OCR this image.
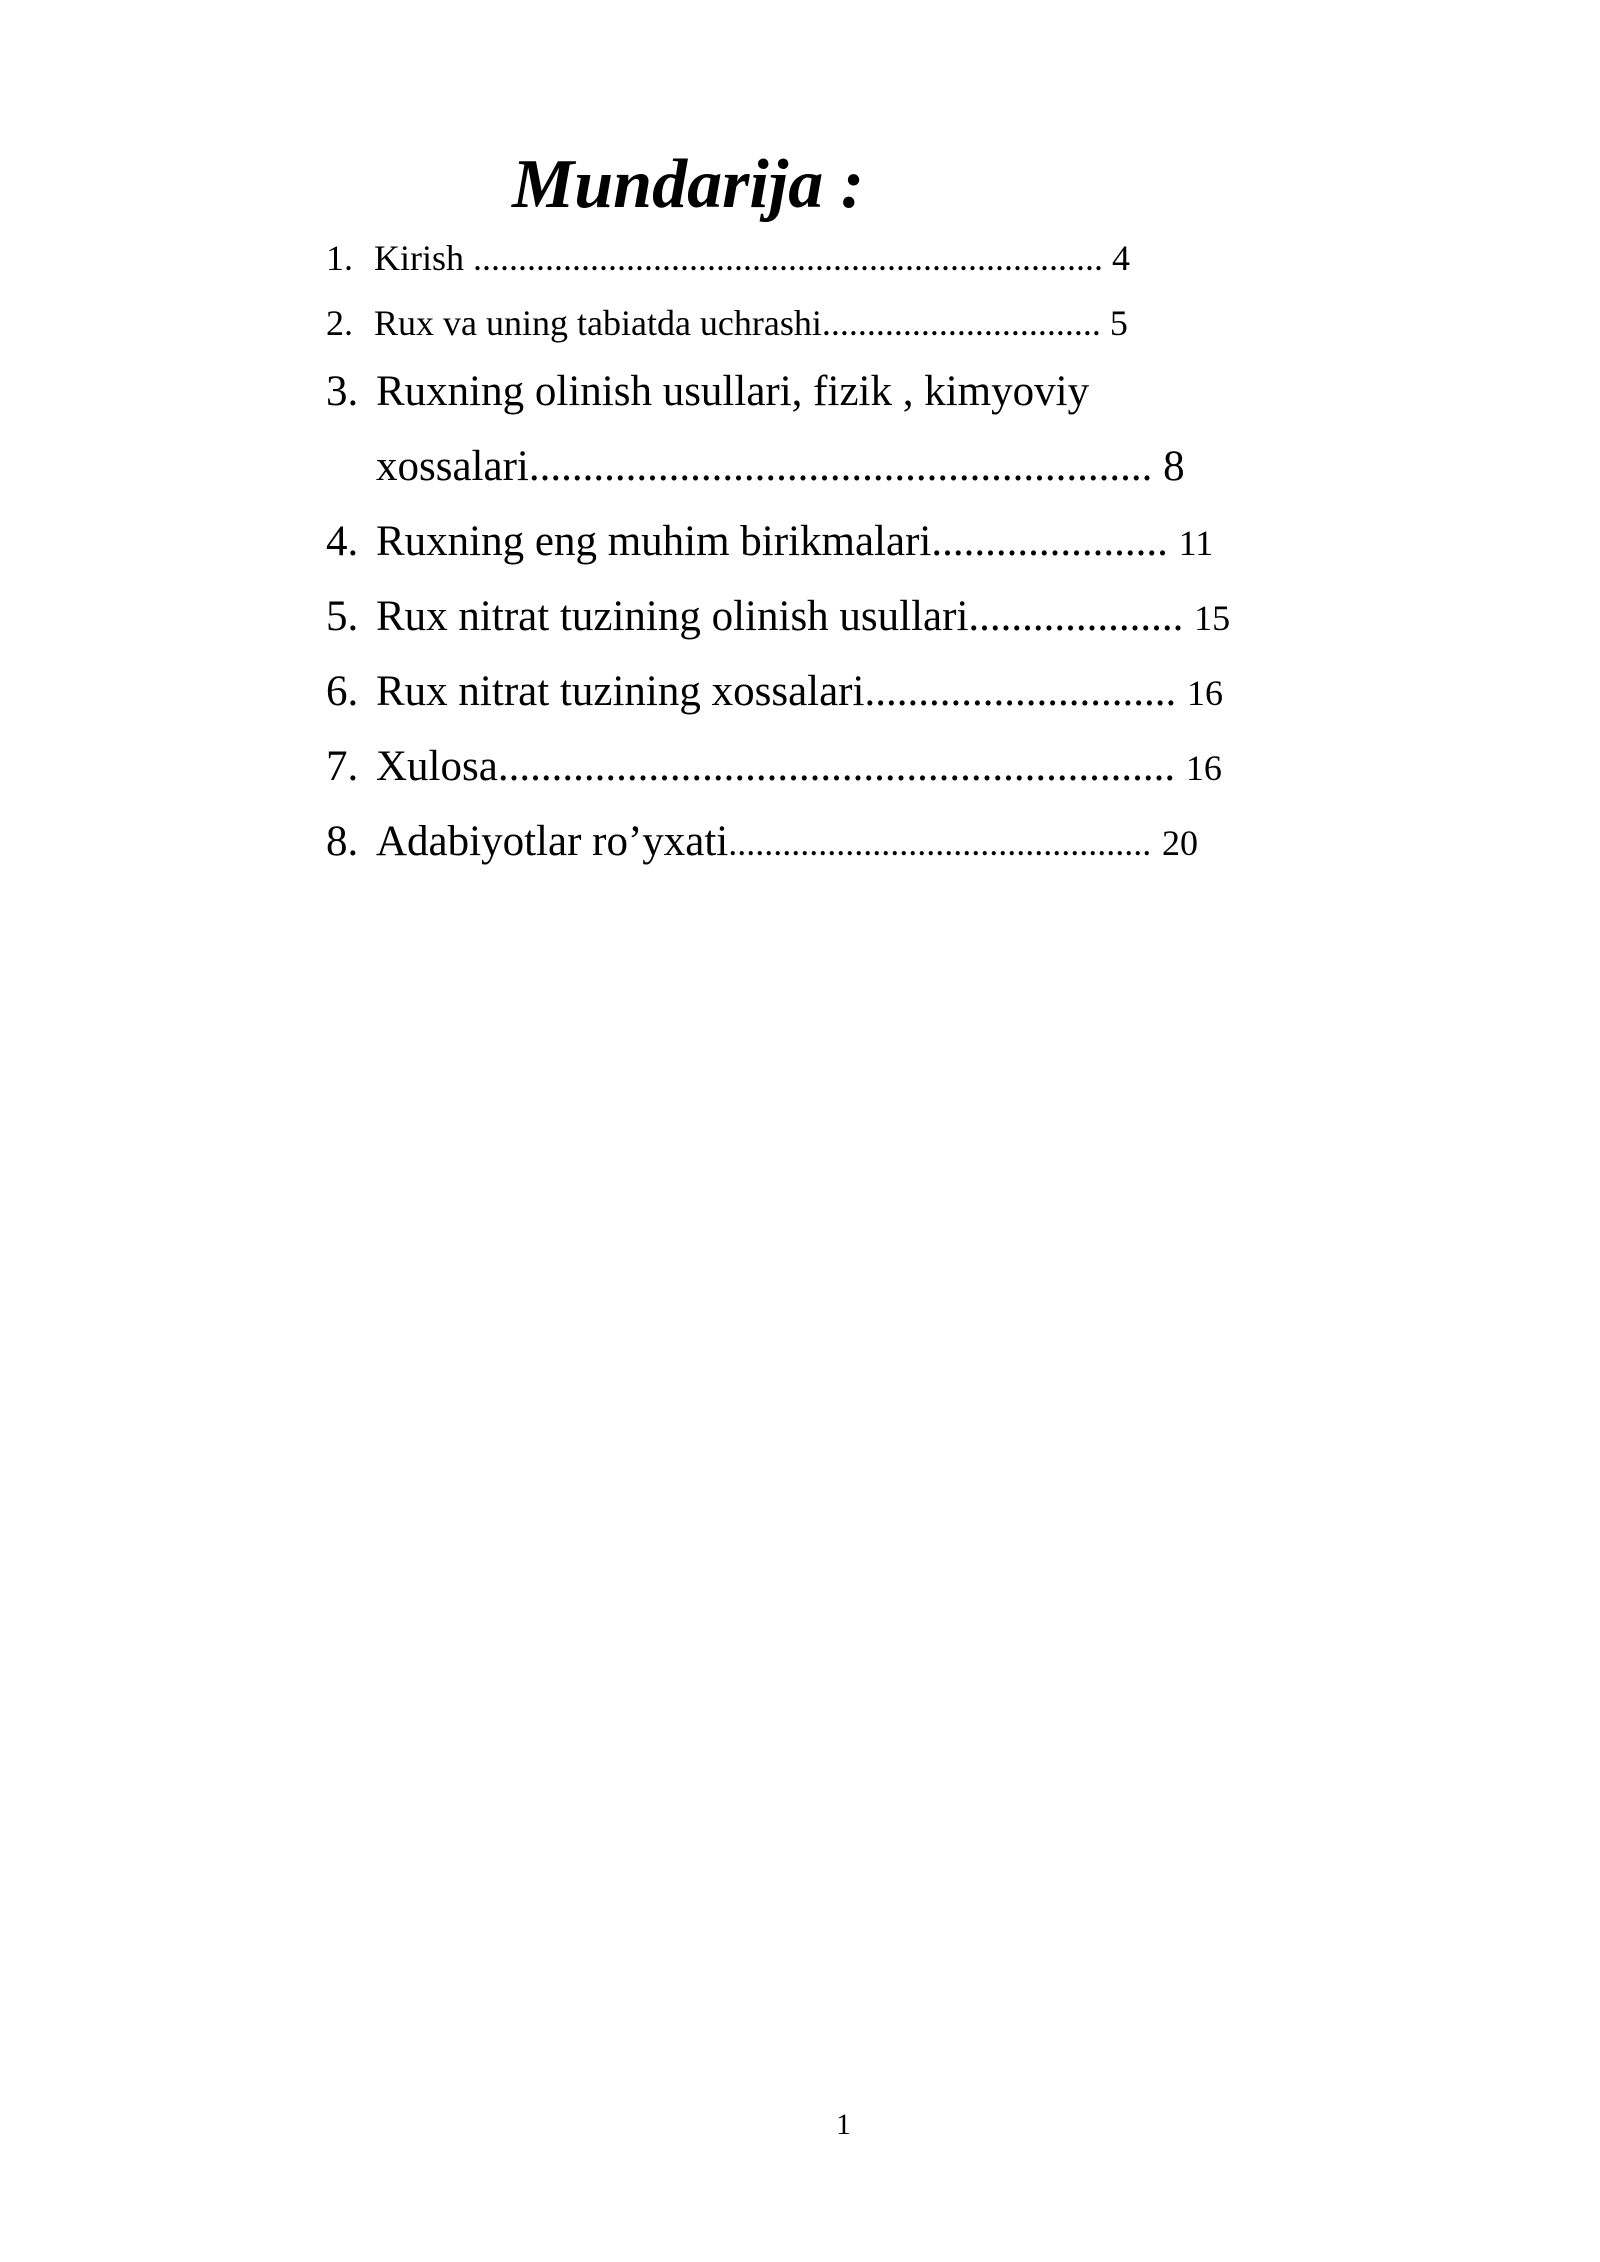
Mundarija :
1. Kirish ...................................................................... 4
2. Rux va uning tabiatda uchrashi............................... 5
3. Ruxning olinish usullari, fizik , kimyoviy
xossalari.......................................................... 8
4. Ruxning eng muhim birikmalari...................... 11
5. Rux nitrat tuzining olinish usullari.................... 15
6. Rux nitrat tuzining xossalari............................. 16
7. Xulosa............................................................... 16
8. Adabiyotlar ro’yxati............................................... 20
1
